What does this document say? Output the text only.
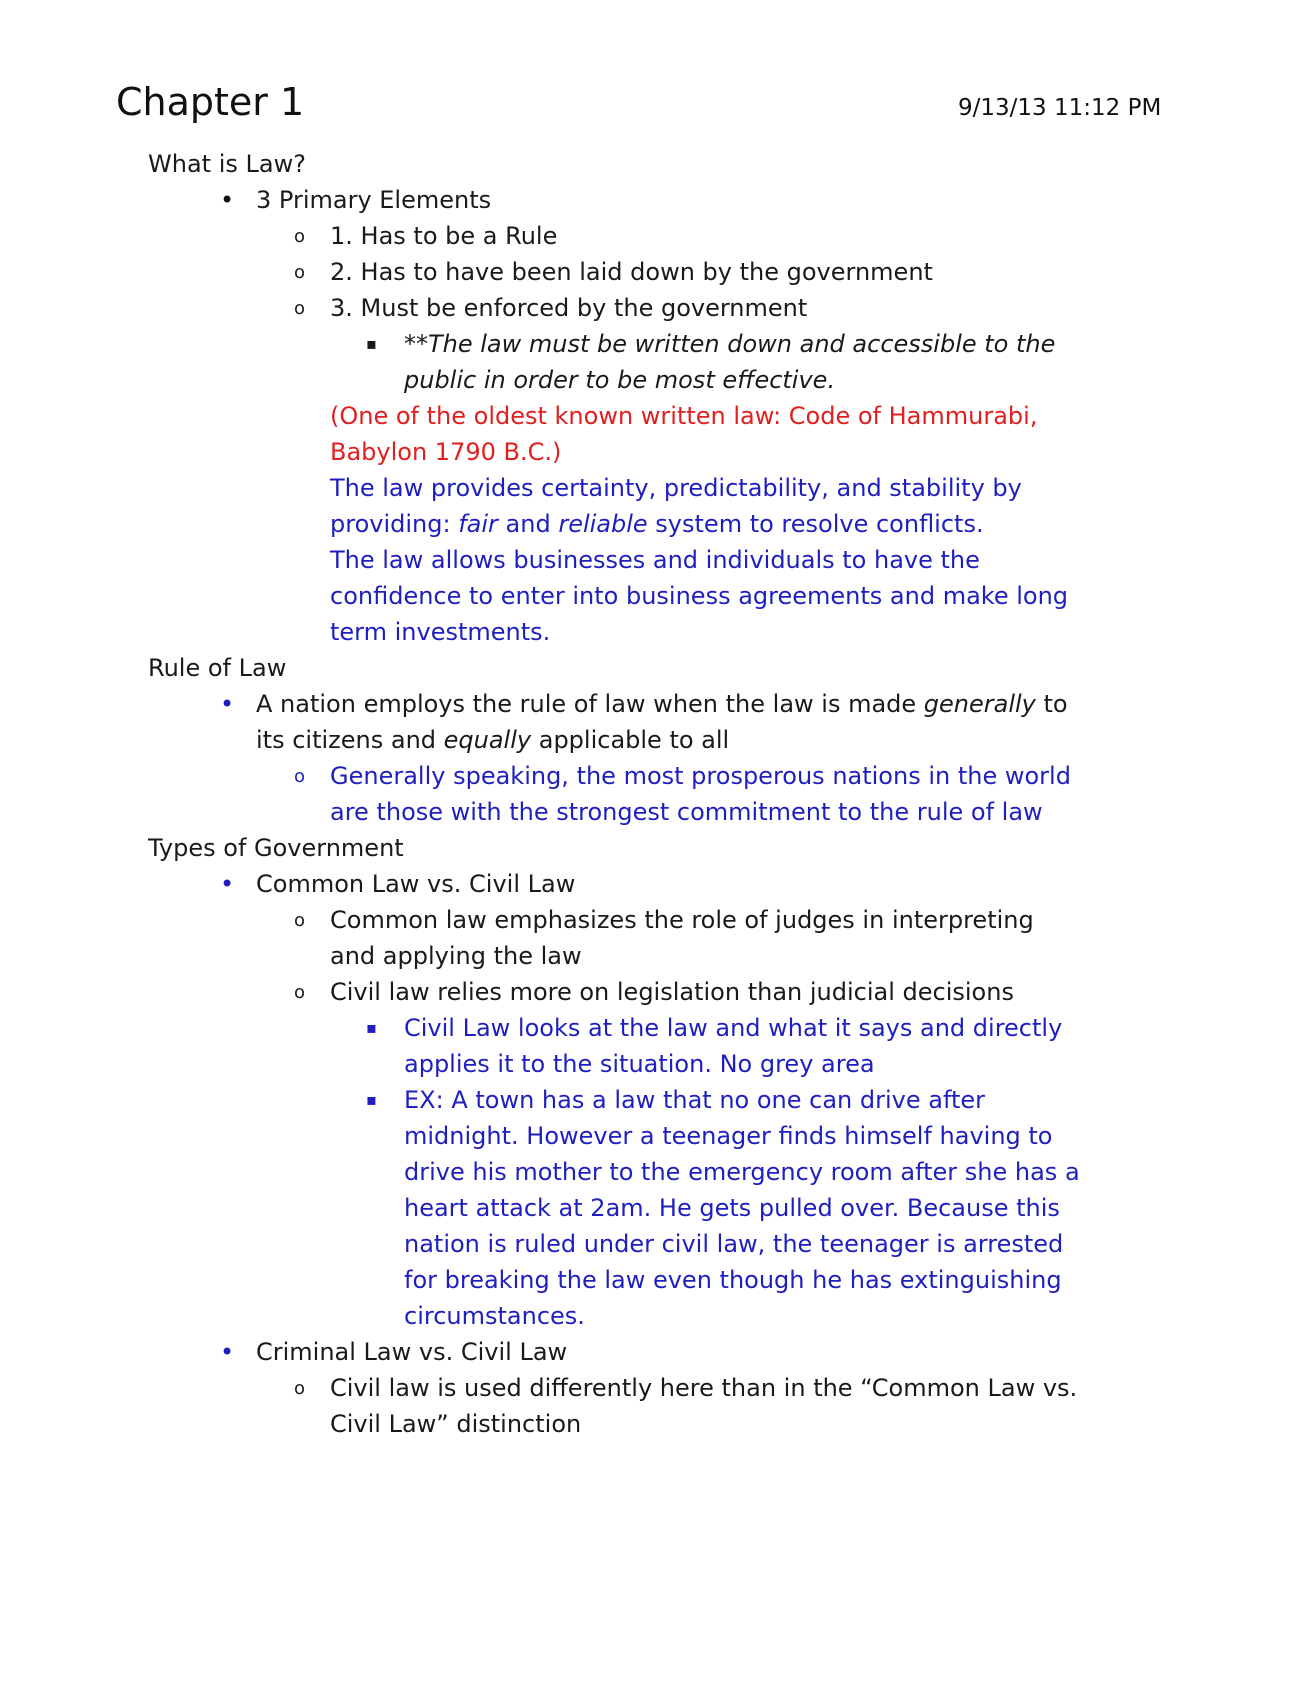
Chapter 1	9/13/13 11:12 PM
What is Law?
• 3 Primary Elements
o 1. Has to be a Rule
o 2. Has to have been laid down by the government
o 3. Must be enforced by the government
▪ **The law must be written down and accessible to the
public in order to be most effective.
(One of the oldest known written law: Code of Hammurabi,
Babylon 1790 B.C.)
The law provides certainty, predictability, and stability by
providing: fair and reliable system to resolve conflicts.
The law allows businesses and individuals to have the
confidence to enter into business agreements and make long
term investments.
Rule of Law
• A nation employs the rule of law when the law is made generally to
its citizens and equally applicable to all
o Generally speaking, the most prosperous nations in the world
are those with the strongest commitment to the rule of law
Types of Government
• Common Law vs. Civil Law
o Common law emphasizes the role of judges in interpreting
and applying the law
o Civil law relies more on legislation than judicial decisions
▪ Civil Law looks at the law and what it says and directly
applies it to the situation. No grey area
▪ EX: A town has a law that no one can drive after
midnight. However a teenager finds himself having to
drive his mother to the emergency room after she has a
heart attack at 2am. He gets pulled over. Because this
nation is ruled under civil law, the teenager is arrested
for breaking the law even though he has extinguishing
circumstances.
• Criminal Law vs. Civil Law
o Civil law is used differently here than in the “Common Law vs.
Civil Law” distinction
